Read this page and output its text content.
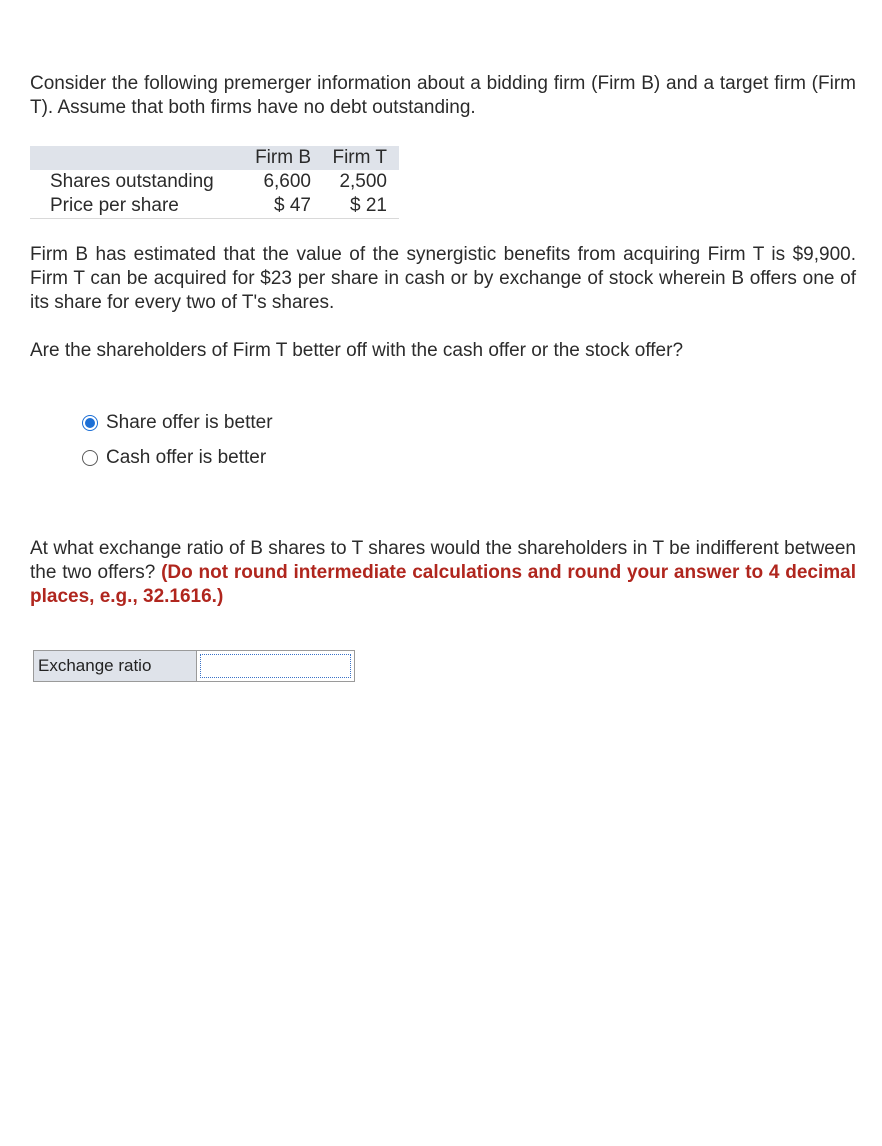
Consider the following premerger information about a bidding firm (Firm B) and a target firm (Firm T). Assume that both firms have no debt outstanding.

	Firm B	Firm T
Shares outstanding	6,600	2,500
Price per share	$ 47	$ 21

Firm B has estimated that the value of the synergistic benefits from acquiring Firm T is $9,900. Firm T can be acquired for $23 per share in cash or by exchange of stock wherein B offers one of its share for every two of T's shares.

Are the shareholders of Firm T better off with the cash offer or the stock offer?

Share offer is better
Cash offer is better

At what exchange ratio of B shares to T shares would the shareholders in T be indifferent between the two offers? (Do not round intermediate calculations and round your answer to 4 decimal places, e.g., 32.1616.)

Exchange ratio
